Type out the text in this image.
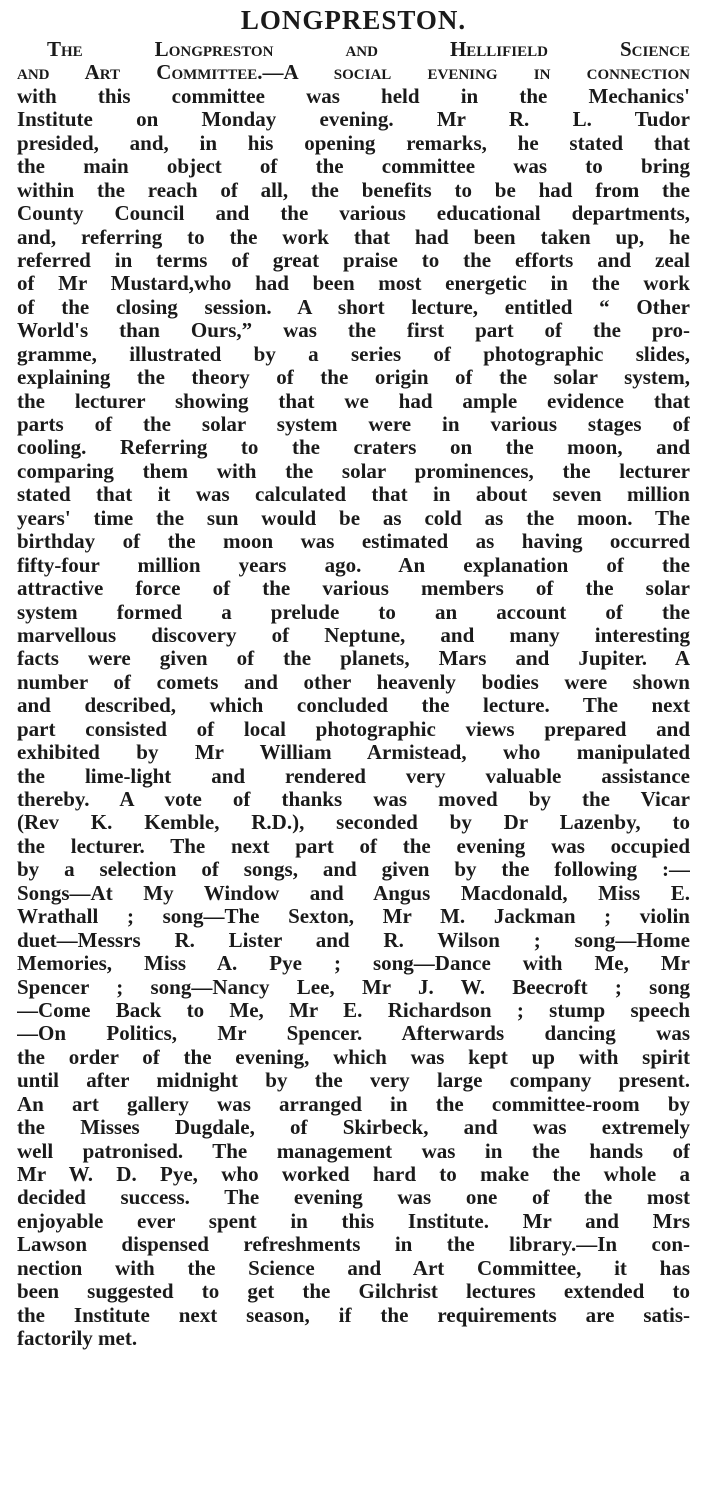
LONGPRESTON.
The Longpreston and Hellifield Science
and Art Committee.—A social evening in connection
with this committee was held in the Mechanics'
Institute on Monday evening. Mr R. L. Tudor
presided, and, in his opening remarks, he stated that
the main object of the committee was to bring
within the reach of all, the benefits to be had from the
County Council and the various educational departments,
and, referring to the work that had been taken up, he
referred in terms of great praise to the efforts and zeal
of Mr Mustard,who had been most energetic in the work
of the closing session. A short lecture, entitled “ Other
World's than Ours,” was the first part of the pro-
gramme, illustrated by a series of photographic slides,
explaining the theory of the origin of the solar system,
the lecturer showing that we had ample evidence that
parts of the solar system were in various stages of
cooling. Referring to the craters on the moon, and
comparing them with the solar prominences, the lecturer
stated that it was calculated that in about seven million
years' time the sun would be as cold as the moon. The
birthday of the moon was estimated as having occurred
fifty-four million years ago. An explanation of the
attractive force of the various members of the solar
system formed a prelude to an account of the
marvellous discovery of Neptune, and many interesting
facts were given of the planets, Mars and Jupiter. A
number of comets and other heavenly bodies were shown
and described, which concluded the lecture. The next
part consisted of local photographic views prepared and
exhibited by Mr William Armistead, who manipulated
the lime-light and rendered very valuable assistance
thereby. A vote of thanks was moved by the Vicar
(Rev K. Kemble, R.D.), seconded by Dr Lazenby, to
the lecturer. The next part of the evening was occupied
by a selection of songs, and given by the following :—
Songs—At My Window and Angus Macdonald, Miss E.
Wrathall ; song—The Sexton, Mr M. Jackman ; violin
duet—Messrs R. Lister and R. Wilson ; song—Home
Memories, Miss A. Pye ; song—Dance with Me, Mr
Spencer ; song—Nancy Lee, Mr J. W. Beecroft ; song
—Come Back to Me, Mr E. Richardson ; stump speech
—On Politics, Mr Spencer. Afterwards dancing was
the order of the evening, which was kept up with spirit
until after midnight by the very large company present.
An art gallery was arranged in the committee-room by
the Misses Dugdale, of Skirbeck, and was extremely
well patronised. The management was in the hands of
Mr W. D. Pye, who worked hard to make the whole a
decided success. The evening was one of the most
enjoyable ever spent in this Institute. Mr and Mrs
Lawson dispensed refreshments in the library.—In con-
nection with the Science and Art Committee, it has
been suggested to get the Gilchrist lectures extended to
the Institute next season, if the requirements are satis-
factorily met.
